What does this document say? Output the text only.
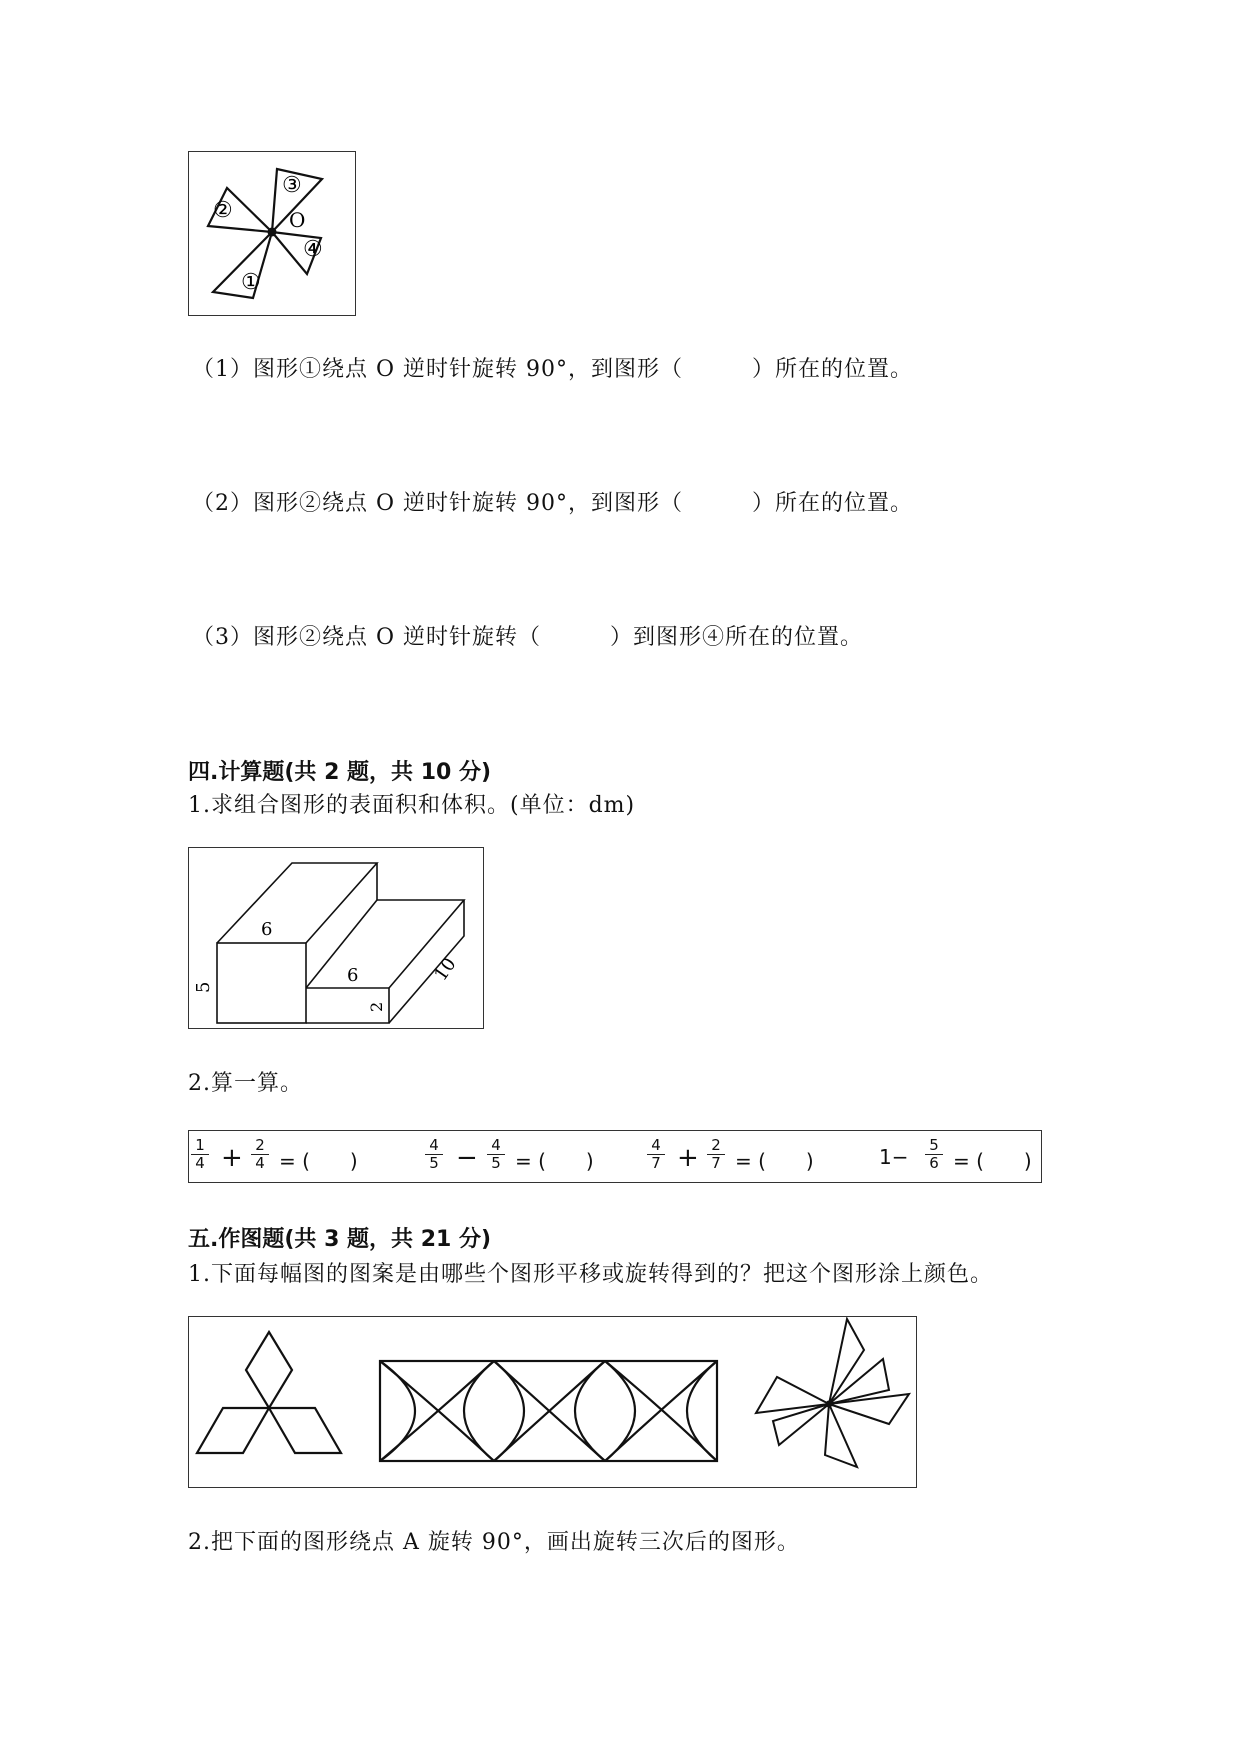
O
③
②
④
①
（1）图形①绕点 O 逆时针旋转 90°，到图形（　　　）所在的位置。
（2）图形②绕点 O 逆时针旋转 90°，到图形（　　　）所在的位置。
（3）图形②绕点 O 逆时针旋转（　　　）到图形④所在的位置。
四.计算题(共 2 题，共 10 分)
1.求组合图形的表面积和体积。(单位：dm)
6
5
6
2
10
2.算一算。
1
4 + 2
4 = (　　)
4
5 − 4
5 = (　　)
4
7 + 2
7 = (　　)	1− 5
6 = (　　)
五.作图题(共 3 题，共 21 分)
1.下面每幅图的图案是由哪些个图形平移或旋转得到的？把这个图形涂上颜色。
2.把下面的图形绕点 A 旋转 90°，画出旋转三次后的图形。
